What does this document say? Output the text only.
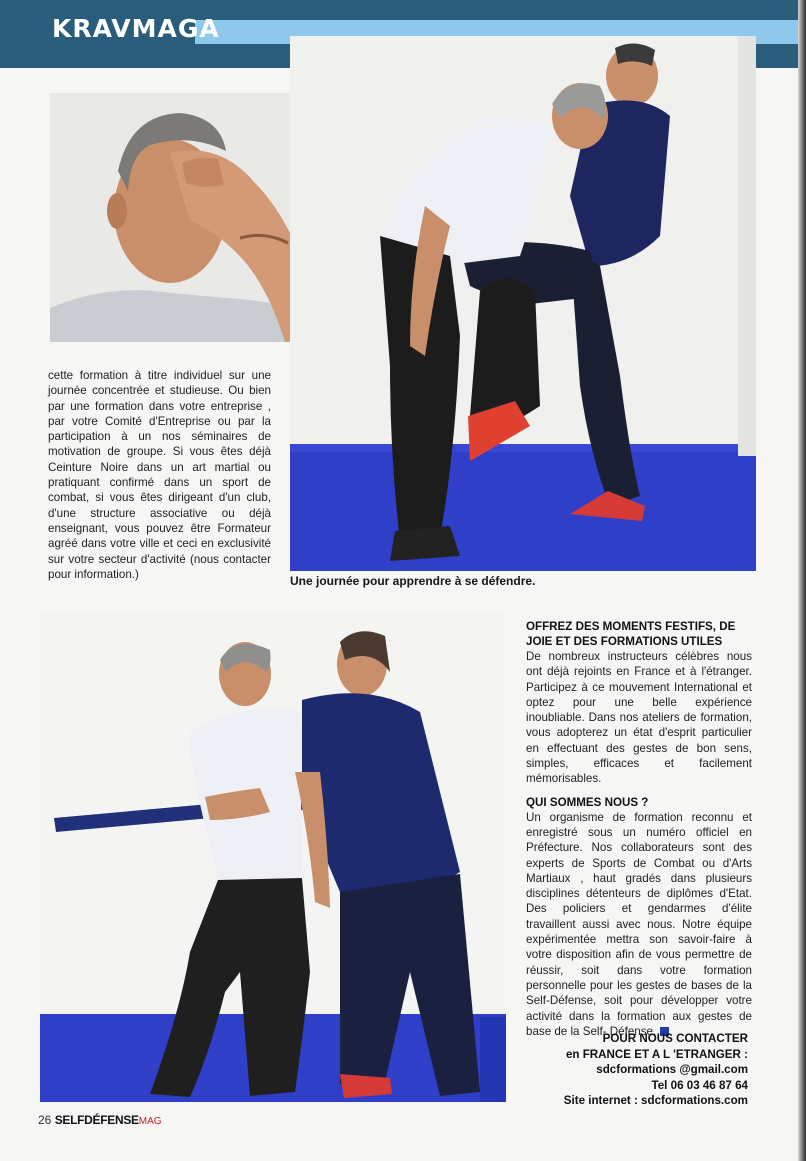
KRAVMAGA
Une journée pour apprendre à se défendre.
cette formation à titre individuel sur une journée concentrée et studieuse. Ou bien par une formation dans votre entreprise , par votre Comité d'Entreprise ou par la participation à un nos séminaires de motivation de groupe. Si vous êtes déjà Ceinture Noire dans un art martial ou pratiquant confirmé dans un sport de combat, si vous êtes dirigeant d'un club, d'une structure associative ou déjà enseignant, vous pouvez être Formateur agréé dans votre ville et ceci en exclusivité sur votre secteur d'activité (nous contacter pour information.)
OFFREZ DES MOMENTS FESTIFS, DE JOIE ET DES FORMATIONS UTILES

De nombreux instructeurs célèbres nous ont déjà rejoints en France et à l'étranger. Participez à ce mouvement International et optez pour une belle expérience inoubliable. Dans nos ateliers de formation, vous adopterez un état d'esprit particulier en effectuant des gestes de bon sens, simples, efficaces et facilement mémorisables.

QUI SOMMES NOUS ?

Un organisme de formation reconnu et enregistré sous un numéro officiel en Préfecture. Nos collaborateurs sont des experts de Sports de Combat ou d'Arts Martiaux , haut gradés dans plusieurs disciplines détenteurs de diplômes d'Etat. Des policiers et gendarmes d'élite travaillent aussi avec nous. Notre équipe expérimentée mettra son savoir-faire à votre disposition afin de vous permettre de réussir, soit dans votre formation personnelle pour les gestes de bases de la Self-Défense, soit pour développer votre activité dans la formation aux gestes de base de la Self- Défense.

POUR NOUS CONTACTER
en FRANCE ET A L 'ETRANGER :
sdcformations @gmail.com
Tel 06 03 46 87 64
Site internet : sdcformations.com
26 SELFDÉFENSEMAG
